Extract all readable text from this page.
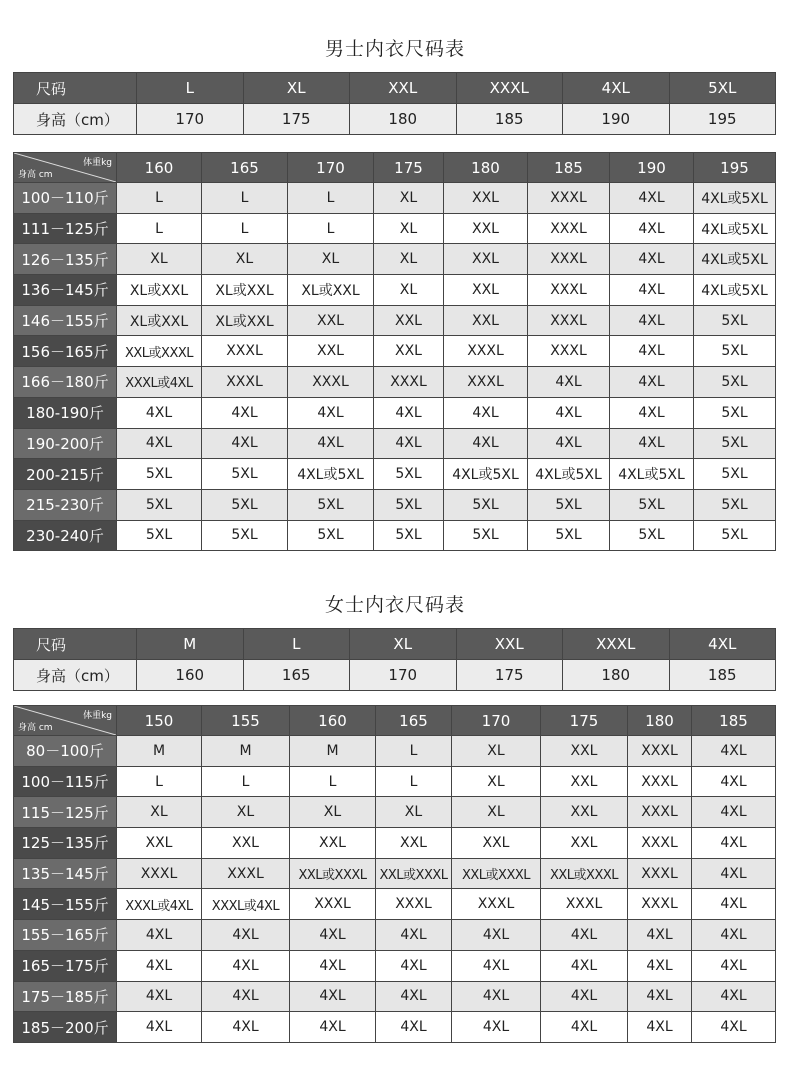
男士内衣尺码表
尺码	L	XL	XXL	XXXL	4XL	5XL
身高（cm）	170	175	180	185	190	195
体重kg
身高 cm	160	165	170	175	180	185	190	195
100－110斤	L	L	L	XL	XXL	XXXL	4XL	4XL或5XL
111－125斤	L	L	L	XL	XXL	XXXL	4XL	4XL或5XL
126－135斤	XL	XL	XL	XL	XXL	XXXL	4XL	4XL或5XL
136－145斤	XL或XXL	XL或XXL	XL或XXL	XL	XXL	XXXL	4XL	4XL或5XL
146－155斤	XL或XXL	XL或XXL	XXL	XXL	XXL	XXXL	4XL	5XL
156－165斤	XXL或XXXL	XXXL	XXL	XXL	XXXL	XXXL	4XL	5XL
166－180斤	XXXL或4XL	XXXL	XXXL	XXXL	XXXL	4XL	4XL	5XL
180-190斤	4XL	4XL	4XL	4XL	4XL	4XL	4XL	5XL
190-200斤	4XL	4XL	4XL	4XL	4XL	4XL	4XL	5XL
200-215斤	5XL	5XL	4XL或5XL	5XL	4XL或5XL	4XL或5XL	4XL或5XL	5XL
215-230斤	5XL	5XL	5XL	5XL	5XL	5XL	5XL	5XL
230-240斤	5XL	5XL	5XL	5XL	5XL	5XL	5XL	5XL
女士内衣尺码表
尺码	M	L	XL	XXL	XXXL	4XL
身高（cm）	160	165	170	175	180	185
体重kg
身高 cm	150	155	160	165	170	175	180	185
80－100斤	M	M	M	L	XL	XXL	XXXL	4XL
100－115斤	L	L	L	L	XL	XXL	XXXL	4XL
115－125斤	XL	XL	XL	XL	XL	XXL	XXXL	4XL
125－135斤	XXL	XXL	XXL	XXL	XXL	XXL	XXXL	4XL
135－145斤	XXXL	XXXL	XXL或XXXL	XXL或XXXL	XXL或XXXL	XXL或XXXL	XXXL	4XL
145－155斤	XXXL或4XL	XXXL或4XL	XXXL	XXXL	XXXL	XXXL	XXXL	4XL
155－165斤	4XL	4XL	4XL	4XL	4XL	4XL	4XL	4XL
165－175斤	4XL	4XL	4XL	4XL	4XL	4XL	4XL	4XL
175－185斤	4XL	4XL	4XL	4XL	4XL	4XL	4XL	4XL
185－200斤	4XL	4XL	4XL	4XL	4XL	4XL	4XL	4XL
